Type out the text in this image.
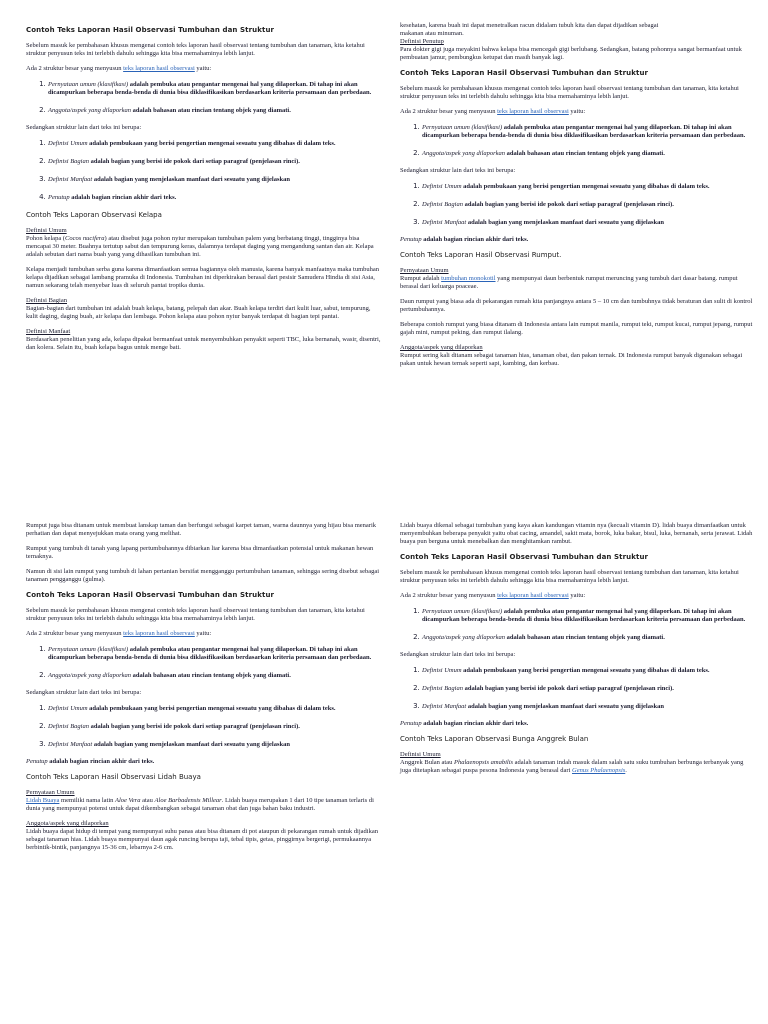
Contoh Teks Laporan Hasil Observasi Tumbuhan dan Struktur

Sebelum masuk ke pembahasan khusus mengenai contoh teks laporan hasil observasi tentang tumbuhan dan tanaman, kita ketahui struktur penyusun teks ini terlebih dahulu sehingga kita bisa memahaminya lebih lanjut.

Ada 2 struktur besar yang menyusun teks laporan hasil observasi yaitu:

1. Pernyataan umum (klasifikasi) adalah pembuka atau pengantar mengenai hal yang dilaporkan. Di tahap ini akan dicampurkan beberapa benda-benda di dunia bisa diklasifikasikan berdasarkan kriteria persamaan dan perbedaan.
2. Anggota/aspek yang dilaporkan adalah bahasan atau rincian tentang objek yang diamati.

Sedangkan struktur lain dari teks ini berupa:

1. Definisi Umum adalah pembukaan yang berisi pengertian mengenai sesuatu yang dibahas di dalam teks.
2. Definisi Bagian adalah bagian yang berisi ide pokok dari setiap paragraf (penjelasan rinci).
3. Definisi Manfaat adalah bagian yang menjelaskan manfaat dari sesuatu yang dijelaskan
4. Penutup adalah bagian rincian akhir dari teks.
Contoh Teks Laporan Observasi Kelapa
Definisi Umum

Pohon kelapa (Cocos nucifera) atau disebut juga pohon nyiur merupakan tumbuhan palem yang berbatang tinggi, tingginya bisa mencapai 30 meter. Buahnya tertutup sabut dan tempurung keras, dalamnya terdapat daging yang mengandung santan dan air. Kelapa adalah sebutan dari nama buah yang yang dihasilkan tumbuhan ini.

Kelapa menjadi tumbuhan serba guna karena dimanfaatkan semua bagiannya oleh manusia, karena banyak manfaatnya maka tumbuhan kelapa dijadikan sebagai lambang pramuka di Indonesia. Tumbuhan ini diperkirakan berasal dari pesisir Samudera Hindia di sisi Asia, namun sekarang telah menyebar luas di seluruh pantai tropika dunia.

Definisi Bagian

Bagian-bagian dari tumbuhan ini adalah buah kelapa, batang, pelepah dan akar. Buah kelapa terdiri dari kulit luar, sabut, tempurung, kulit daging, daging buah, air kelapa dan lembaga. Pohon kelapa atau pohon nyiur banyak terdapat di bagian tepi pantai.

Definisi Manfaat

Berdasarkan penelitian yang ada, kelapa dipakai bermanfaat untuk menyembuhkan penyakit seperti TBC, luka bernanah, wasir, disentri, dan kolera. Selain itu, buah kelapa bagus untuk menge bati.

kesehatan, karena buah ini dapat menetralkan racun didalam tubuh kita dan dapat dijadikan sebagai
makanan atau minuman.
Definisi Penutup

Para dokter gigi juga meyakini bahwa kelapa bisa mencegah gigi berlubang. Sedangkan, batang pohonnya sangat bermanfaat untuk pembuatan jamur, pembungkus ketupat dan masih banyak lagi.

Contoh Teks Laporan Hasil Observasi Tumbuhan dan Struktur

Sebelum masuk ke pembahasan khusus mengenai contoh teks laporan hasil observasi tentang tumbuhan dan tanaman, kita ketahui struktur penyusun teks ini terlebih dahulu sehingga kita bisa memahaminya lebih lanjut.

Ada 2 struktur besar yang menyusun teks laporan hasil observasi yaitu:

1. Pernyataan umum (klasifikasi) adalah pembuka atau pengantar mengenai hal yang dilaporkan. Di tahap ini akan dicampurkan beberapa benda-benda di dunia bisa diklasifikasikan berdasarkan kriteria persamaan dan perbedaan.
2. Anggota/aspek yang dilaporkan adalah bahasan atau rincian tentang objek yang diamati.

Sedangkan struktur lain dari teks ini berupa:

1. Definisi Umum adalah pembukaan yang berisi pengertian mengenai sesuatu yang dibahas di dalam teks.
2. Definisi Bagian adalah bagian yang berisi ide pokok dari setiap paragraf (penjelasan rinci).
3. Definisi Manfaat adalah bagian yang menjelaskan manfaat dari sesuatu yang dijelaskan

Penutup adalah bagian rincian akhir dari teks.

Contoh Teks Laporan Hasil Observasi Rumput.
Pernyataan Umum

Rumput adalah tumbuhan monokotil yang mempunyai daun berbentuk rumput meruncing yang tumbuh dari dasar batang. rumput berasal dari keluarga poaceae.

Daun rumput yang biasa ada di pekarangan rumah kita panjangnya antara 5 – 10 cm dan tumbuhnya tidak beraturan dan sulit di kontrol pertumbuhannya.

Beberapa contoh rumput yang biasa ditanam di Indonesia antara lain rumput manila, rumput teki, rumput kucai, rumput jepang, rumput gajah mini, rumput peking, dan rumput ilalang.

Anggota/aspek yang dilaporkan

Rumput sering kali ditanam sebagai tanaman hias, tanaman obat, dan pakan ternak. Di Indonesia rumput banyak digunakan sebagai pakan untuk hewan ternak seperti sapi, kambing, dan kerbau.

Rumput juga bisa ditanam untuk membuat lanskap taman dan berfungsi sebagai karpet taman, warna daunnya yang hijau bisa menarik perhatian dan dapat menyejukkan mata orang yang melihat.

Rumput yang tumbuh di tanah yang lapang pertumbuhannya dibiarkan liar karena bisa dimanfaatkan potensial untuk makanan hewan ternaknya.

Namun di sisi lain rumput yang tumbuh di lahan pertanian bersifat mengganggu pertumbuhan tanaman, sehingga sering disebut sebagai tanaman pengganggu (gulma).

Contoh Teks Laporan Hasil Observasi Tumbuhan dan Struktur

Sebelum masuk ke pembahasan khusus mengenai contoh teks laporan hasil observasi tentang tumbuhan dan tanaman, kita ketahui struktur penyusun teks ini terlebih dahulu sehingga kita bisa memahaminya lebih lanjut.

Ada 2 struktur besar yang menyusun teks laporan hasil observasi yaitu:

1. Pernyataan umum (klasifikasi) adalah pembuka atau pengantar mengenai hal yang dilaporkan. Di tahap ini akan dicampurkan beberapa benda-benda di dunia bisa diklasifikasikan berdasarkan kriteria persamaan dan perbedaan.
2. Anggota/aspek yang dilaporkan adalah bahasan atau rincian tentang objek yang diamati.

Sedangkan struktur lain dari teks ini berupa:

1. Definisi Umum adalah pembukaan yang berisi pengertian mengenai sesuatu yang dibahas di dalam teks.
2. Definisi Bagian adalah bagian yang berisi ide pokok dari setiap paragraf (penjelasan rinci).
3. Definisi Manfaat adalah bagian yang menjelaskan manfaat dari sesuatu yang dijelaskan

Penutup adalah bagian rincian akhir dari teks.

Contoh Teks Laporan Hasil Observasi Lidah Buaya
Pernyataan Umum

Lidah Buaya memiliki nama latin Aloe Vera atau Aloe Barbadensis Millear. Lidah buaya merupakan 1 dari 10 tipe tanaman terlaris di dunia yang mempunyai potensi untuk dapat dikembangkan sebagai tanaman obat dan juga bahan baku industri.

Anggota/aspek yang dilaporkan

Lidah buaya dapat hidup di tempat yang mempunyai suhu panas atau bisa ditanam di pot ataupun di pekarangan rumah untuk dijadikan sebagai tanaman hias. Lidah buaya mempunyai daun agak runcing berupa taji, tebal tipis, getas, pinggirnya bergerigi, permukaannya berbintik-bintik, panjangnya 15-36 cm, lebarnya 2-6 cm.

Lidah buaya dikenal sebagai tumbuhan yang kaya akan kandungan vitamin nya (kecuali vitamin D). lidah buaya dimanfaatkan untuk menyembuhkan beberapa penyakit yaitu obat cacing, amandel, sakit mata, borok, luka bakar, bisul, luka, bernanah, serta jerawat. Lidah buaya pun berguna untuk menebalkan dan menghitamkan rambut.

Contoh Teks Laporan Hasil Observasi Tumbuhan dan Struktur

Sebelum masuk ke pembahasan khusus mengenai contoh teks laporan hasil observasi tentang tumbuhan dan tanaman, kita ketahui struktur penyusun teks ini terlebih dahulu sehingga kita bisa memahaminya lebih lanjut.

Ada 2 struktur besar yang menyusun teks laporan hasil observasi yaitu:

1. Pernyataan umum (klasifikasi) adalah pembuka atau pengantar mengenai hal yang dilaporkan. Di tahap ini akan dicampurkan beberapa benda-benda di dunia bisa diklasifikasikan berdasarkan kriteria persamaan dan perbedaan.
2. Anggota/aspek yang dilaporkan adalah bahasan atau rincian tentang objek yang diamati.

Sedangkan struktur lain dari teks ini berupa:

1. Definisi Umum adalah pembukaan yang berisi pengertian mengenai sesuatu yang dibahas di dalam teks.
2. Definisi Bagian adalah bagian yang berisi ide pokok dari setiap paragraf (penjelasan rinci).
3. Definisi Manfaat adalah bagian yang menjelaskan manfaat dari sesuatu yang dijelaskan

Penutup adalah bagian rincian akhir dari teks.

Contoh Teks Laporan Observasi Bunga Anggrek Bulan
Definisi Umum

Anggrek Bulan atau Phalaenopsis amabilis adalah tanaman indah masuk dalam salah satu suku tumbuhan berbunga terbanyak yang juga ditetapkan sebagai puspa pesona Indonesia yang berasal dari Genus Phalaenopsis.
